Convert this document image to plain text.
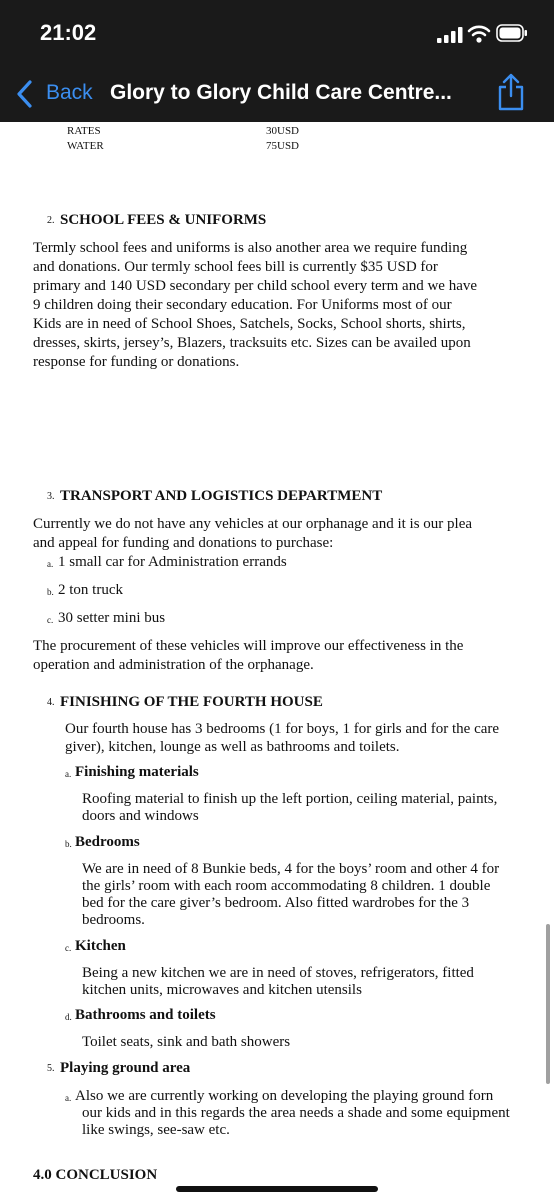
21:02
Back Glory to Glory Child Care Centre...
RATES	30USD
WATER	75USD
2. SCHOOL FEES & UNIFORMS
Termly school fees and uniforms is also another area we require funding
and donations. Our termly school fees bill is currently $35 USD for
primary and 140 USD secondary per child school every term and we have
9 children doing their secondary education. For Uniforms most of our
Kids are in need of School Shoes, Satchels, Socks, School shorts, shirts,
dresses, skirts, jersey’s, Blazers, tracksuits etc. Sizes can be availed upon
response for funding or donations.
3. TRANSPORT AND LOGISTICS DEPARTMENT
Currently we do not have any vehicles at our orphanage and it is our plea
and appeal for funding and donations to purchase:
a. 1 small car for Administration errands
b. 2 ton truck
c. 30 setter mini bus
The procurement of these vehicles will improve our effectiveness in the
operation and administration of the orphanage.
4. FINISHING OF THE FOURTH HOUSE
Our fourth house has 3 bedrooms (1 for boys, 1 for girls and for the care
giver), kitchen, lounge as well as bathrooms and toilets.
a. Finishing materials
Roofing material to finish up the left portion, ceiling material, paints,
doors and windows
b. Bedrooms
We are in need of 8 Bunkie beds, 4 for the boys’ room and other 4 for
the girls’ room with each room accommodating 8 children. 1 double
bed for the care giver’s bedroom. Also fitted wardrobes for the 3
bedrooms.
c. Kitchen
Being a new kitchen we are in need of stoves, refrigerators, fitted
kitchen units, microwaves and kitchen utensils
d. Bathrooms and toilets
Toilet seats, sink and bath showers
5. Playing ground area
a. Also we are currently working on developing the playing ground forn
our kids and in this regards the area needs a shade and some equipment
like swings, see-saw etc.
4.0 CONCLUSION
